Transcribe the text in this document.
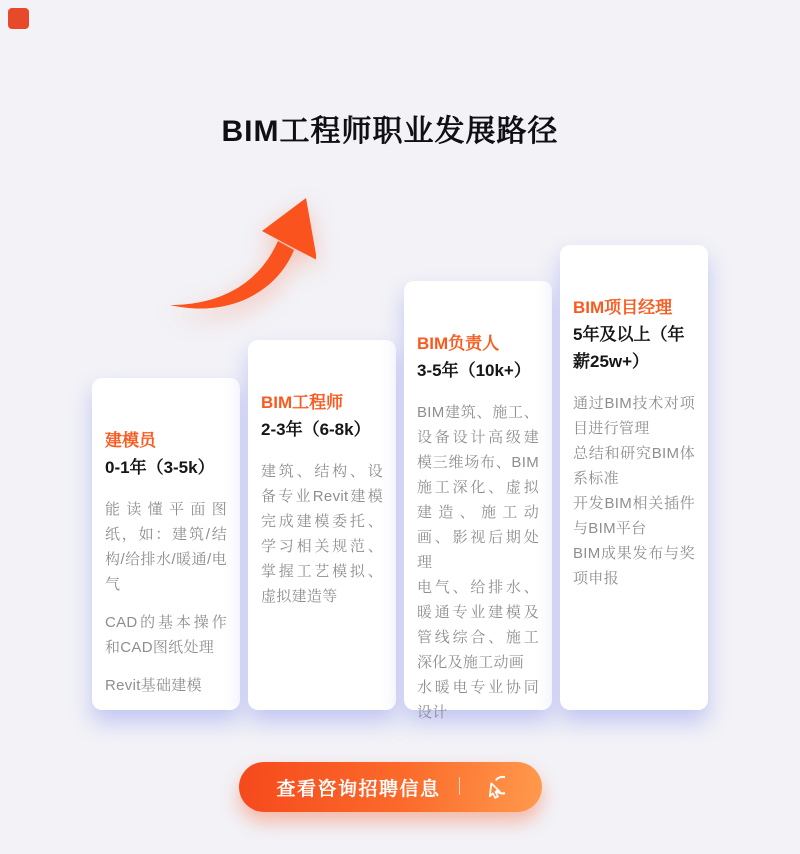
BIM工程师职业发展路径
建模员
0-1年（3-5k）

能读懂平面图纸，如：建筑/结构/给排水/暖通/电气

CAD的基本操作和CAD图纸处理

Revit基础建模

BIM工程师
2-3年（6-8k）

建筑、结构、设备专业Revit建模完成建模委托、学习相关规范、掌握工艺模拟、虚拟建造等

BIM负责人
3-5年（10k+）

BIM建筑、施工、设备设计高级建模三维场布、BIM施工深化、虚拟建造、施工动画、影视后期处理

电气、给排水、暖通专业建模及管线综合、施工深化及施工动画

水暖电专业协同设计

BIM项目经理
5年及以上（年薪25w+）

通过BIM技术对项目进行管理

总结和研究BIM体系标准

开发BIM相关插件与BIM平台

BIM成果发布与奖项申报

查看咨询招聘信息 ｜
